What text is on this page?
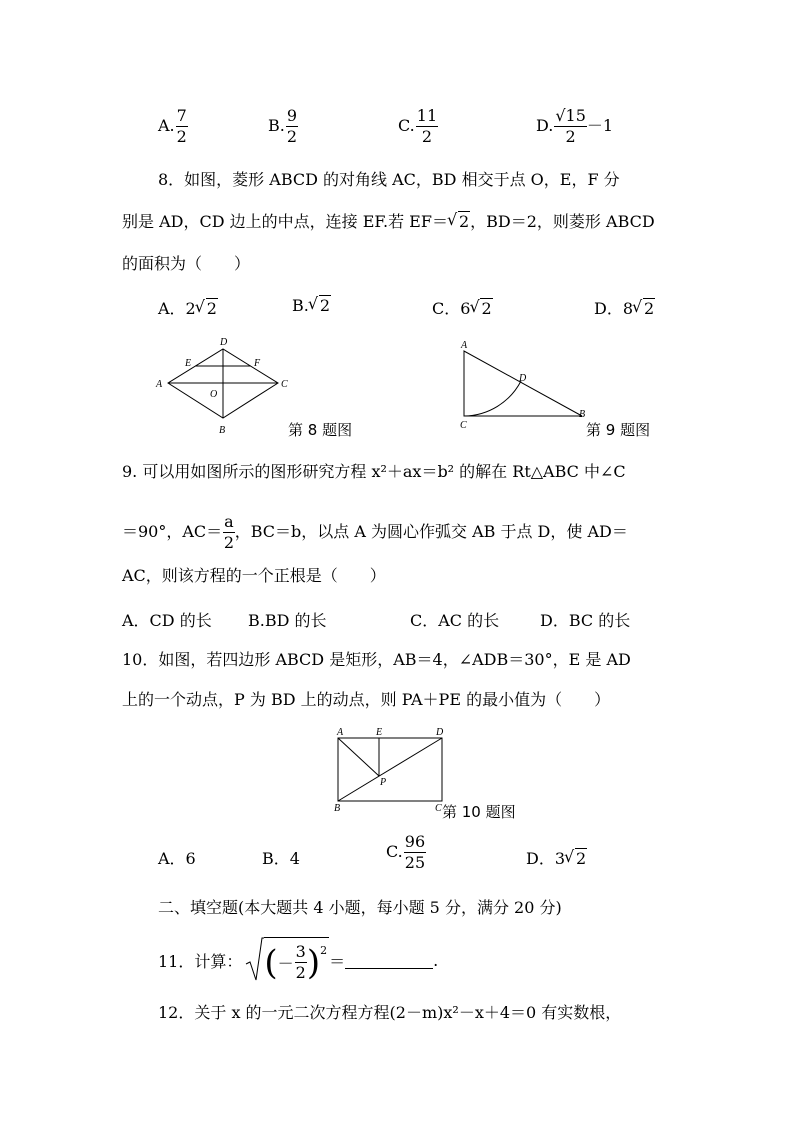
A. $\frac{7}{2}$	B. $\frac{9}{2}$	C. $\frac{11}{2}$	D. $\frac{√15}{2} -1$
8．如图，菱形 ABCD 的对角线 AC，BD 相交于点 O，E，F 分
别是 AD，CD 边上的中点，连接 EF.若 EF＝ √ 2，BD＝2，则菱形 ABCD
的面积为（　　）
A．2 √ 2	B. √ 2	C．6 √ 2	D．8 √ 2
D
E	F
A	C
O
B	第 8 题图
A
D
B
C	第 9 题图
9. 可以用如图所示的图形研究方程 x²＋ax＝b² 的解在 Rt△ABC 中∠C
＝90°，$AC= \frac{a}{2}$ ，BC＝b，以点 A 为圆心作弧交 AB 于点 D，使 AD＝
AC，则该方程的一个正根是（　　）
A．CD 的长 B.BD 的长	C．AC 的长	D．BC 的长
10．如图，若四边形 ABCD 是矩形，AB＝4，∠ADB＝30°，E 是 AD
上的一个动点，P 为 BD 上的动点，则 PA＋PE 的最小值为（　　）
A	E	D
P
B	C 第 10 题图
A．6	B．4	C. $\frac{96}{25}$	D．3 √ 2
二、填空题(本大题共 4 小题，每小题 5 分，满分 20 分)
11．计算： ( － $\frac{3}{2} )^2$
＝	.
12．关于 x 的一元二次方程方程(2－m)x²－x＋4＝0 有实数根，
